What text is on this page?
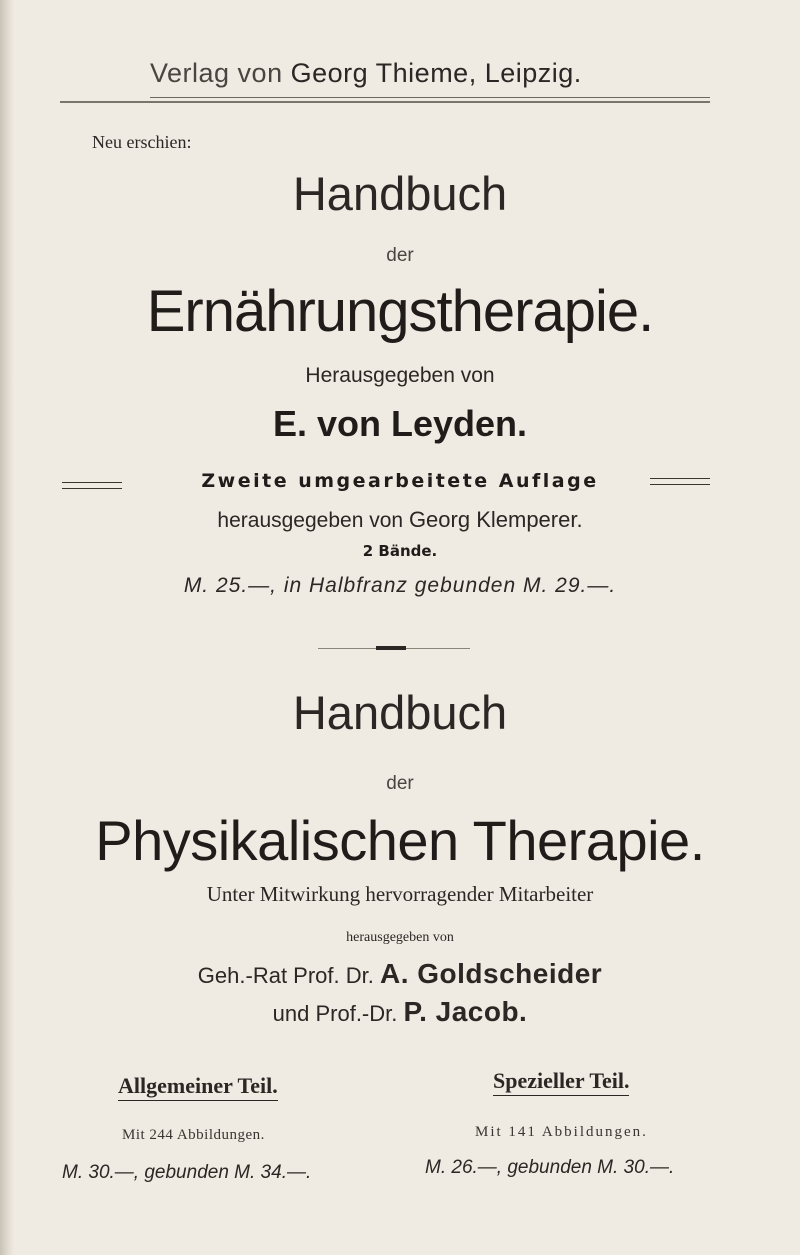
Verlag von Georg Thieme, Leipzig.
Neu erschien:
Handbuch
der
Ernährungstherapie.
Herausgegeben von
E. von Leyden.
Zweite umgearbeitete Auflage
herausgegeben von Georg Klemperer.
2 Bände.
M. 25.—, in Halbfranz gebunden M. 29.—.
Handbuch
der
Physikalischen Therapie.
Unter Mitwirkung hervorragender Mitarbeiter
herausgegeben von
Geh.-Rat Prof. Dr. A. Goldscheider
und Prof.-Dr. P. Jacob.
Allgemeiner Teil.
Mit 244 Abbildungen.
M. 30.—, gebunden M. 34.—.
Spezieller Teil.
Mit 141 Abbildungen.
M. 26.—, gebunden M. 30.—.
